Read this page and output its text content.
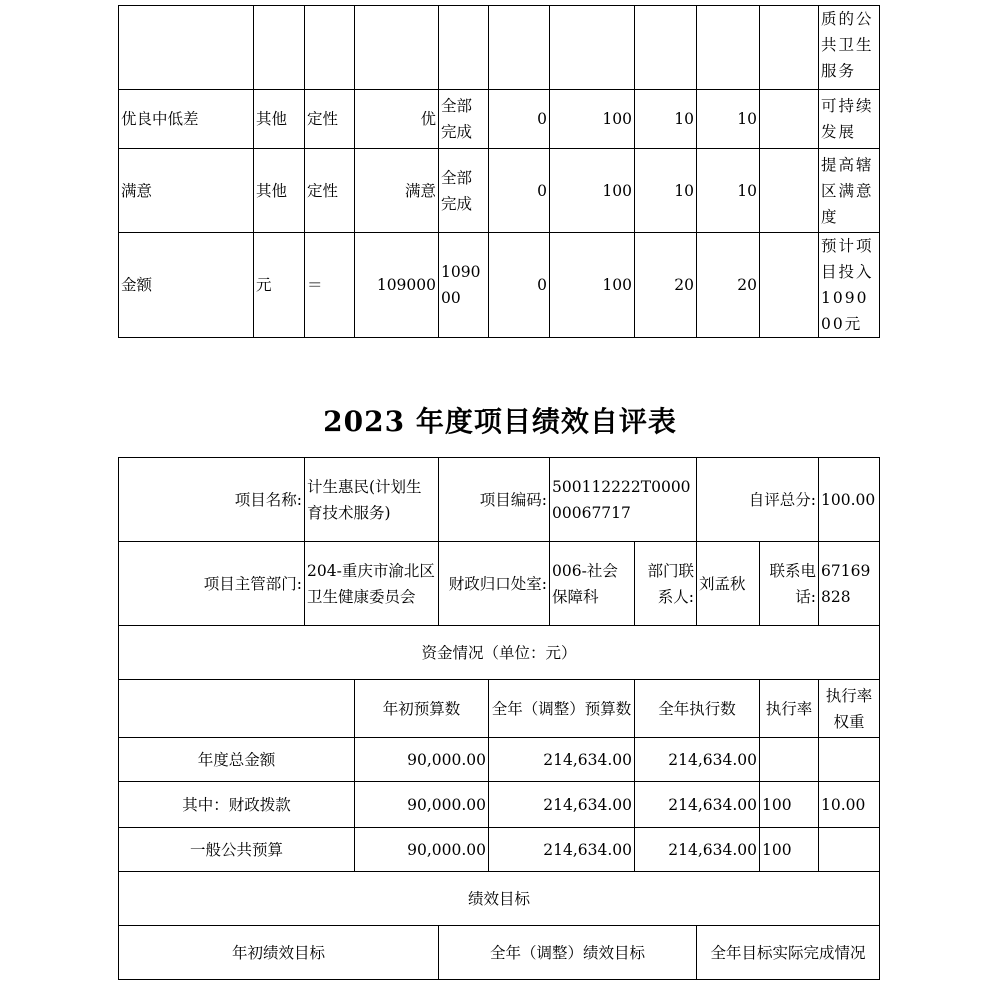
										质的公共卫生服务
优良中低差	其他	定性	优	全部完成	0	100	10	10		可持续发展
满意	其他	定性	满意	全部完成	0	100	10	10		提高辖区满意度
金额	元	＝	109000	109000	0	100	20	20		预计项目投入109000元
2023 年度项目绩效自评表
项目名称:	计生惠民(计划生育技术服务)		项目编码:		500112222T000000067717		自评总分:		100.00
项目主管部门:	204-重庆市渝北区卫生健康委员会		财政归口处室:		006-社会保障科	部门联系人:	刘孟秋	联系电话:	67169828
资金情况（单位：元）									
		年初预算数		全年（调整）预算数		全年执行数		执行率	执行率权重
年度总金额		90,000.00		214,634.00		214,634.00			
其中：财政拨款		90,000.00		214,634.00		214,634.00		100	10.00
一般公共预算		90,000.00		214,634.00		214,634.00		100	
绩效目标									
年初绩效目标			全年（调整）绩效目标				全年目标实际完成情况		
